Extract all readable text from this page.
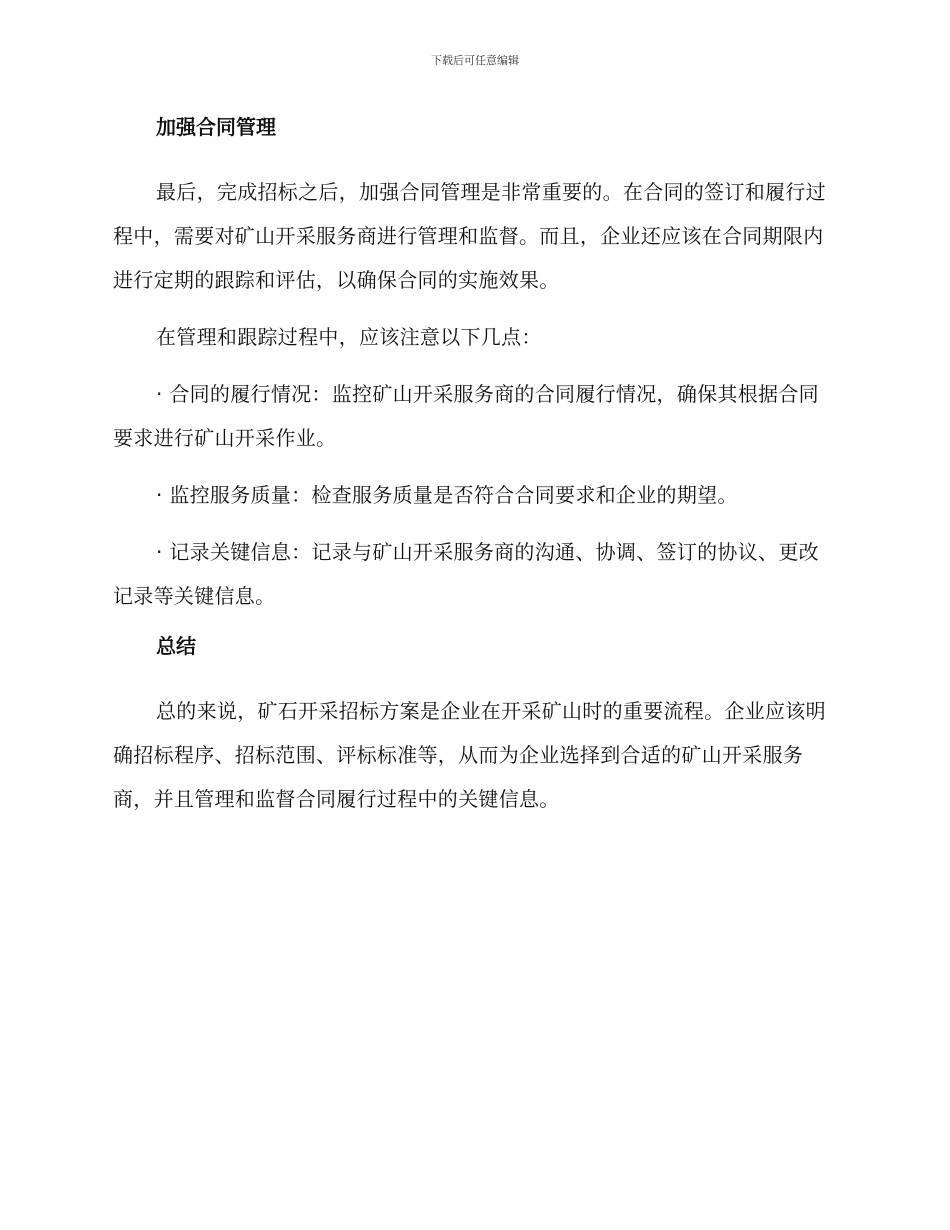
下载后可任意编辑
加强合同管理

最后，完成招标之后，加强合同管理是非常重要的。在合同的签订和履行过程中，需要对矿山开采服务商进行管理和监督。而且，企业还应该在合同期限内进行定期的跟踪和评估，以确保合同的实施效果。

在管理和跟踪过程中，应该注意以下几点：

· 合同的履行情况：监控矿山开采服务商的合同履行情况，确保其根据合同要求进行矿山开采作业。

· 监控服务质量：检查服务质量是否符合合同要求和企业的期望。

· 记录关键信息：记录与矿山开采服务商的沟通、协调、签订的协议、更改记录等关键信息。

总结

总的来说，矿石开采招标方案是企业在开采矿山时的重要流程。企业应该明确招标程序、招标范围、评标标准等，从而为企业选择到合适的矿山开采服务商，并且管理和监督合同履行过程中的关键信息。
